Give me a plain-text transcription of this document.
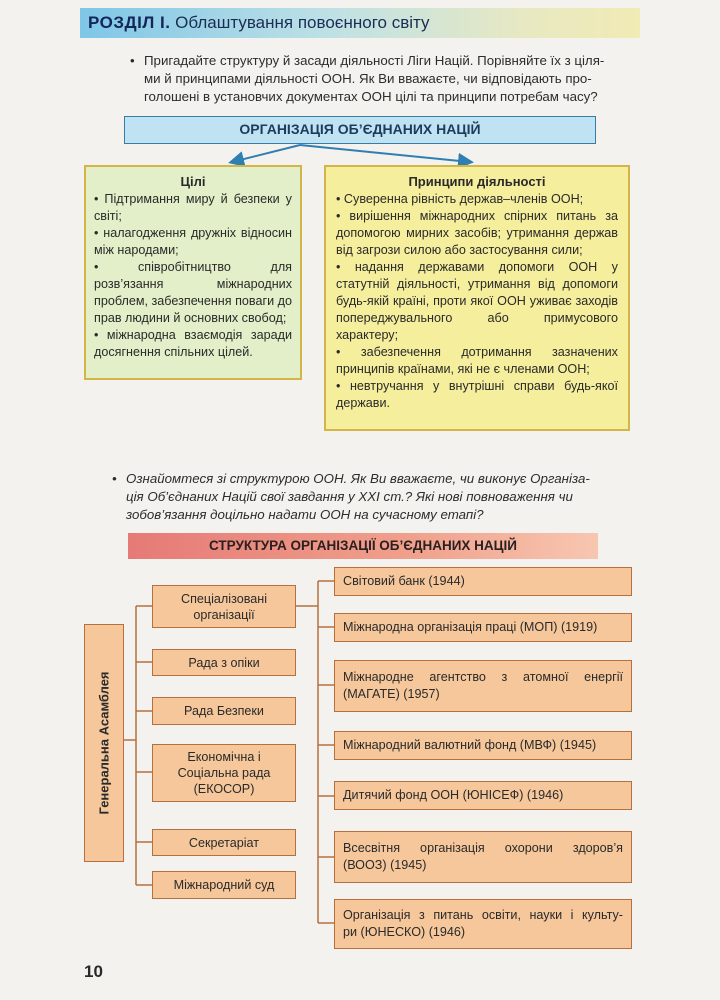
РОЗДІЛ І. Облаштування повоєнного світу
• Пригадайте структуру й засади діяльності Ліги Націй. Порівняйте їх з цiля-
ми й принципами діяльності ООН. Як Ви вважаєте, чи відповідають про-
голошені в установчих документах ООН цілі та принципи потребам часу?
ОРГАНІЗАЦІЯ ОБ’ЄДНАНИХ НАЦІЙ
Цілі
• Підтримання миру й безпеки у світі;
• налагодження дружніх відносин між народами;
• співробітництво для розв’язання міжнародних проблем, забезпечення поваги до прав людини й основних свобод;
• міжнародна взаємодія заради досягнення спільних цілей.
Принципи діяльності
• Суверенна рівність держав–членів ООН;
• вирішення міжнародних спірних питань за допомогою мирних засобів; утримання держав від загрози силою або застосування сили;
• надання державами допомоги ООН у статутній діяльності, утримання від допомоги будь-якій країні, проти якої ООН уживає заходів попереджувального або примусового характеру;
• забезпечення дотримання зазначених принципів країнами, які не є членами ООН;
• невтручання у внутрішні справи будь-якої держави.
• Ознайомтеся зі структурою ООН. Як Ви вважаєте, чи виконує Організа-
ція Об’єднаних Націй свої завдання у XXI ст.? Які нові повноваження чи
зобов’язання доцільно надати ООН на сучасному етапі?
СТРУКТУРА ОРГАНІЗАЦІЇ ОБ’ЄДНАНИХ НАЦІЙ
Генеральна Асамблея
Спеціалізовані
організації
Рада з опіки
Рада Безпеки
Економічна і
Соціальна рада
(ЕКОСОР)
Секретаріат
Міжнародний суд
Світовий банк (1944)
Міжнародна організація праці (МОП) (1919)
Міжнародне агентство з атомної енергії
(МАГАТЕ) (1957)
Міжнародний валютний фонд (МВФ) (1945)
Дитячий фонд ООН (ЮНІСЕФ) (1946)
Всесвітня організація охорони здоров’я
(ВООЗ) (1945)
Організація з питань освіти, науки і культу-
ри (ЮНЕСКО) (1946)
10
